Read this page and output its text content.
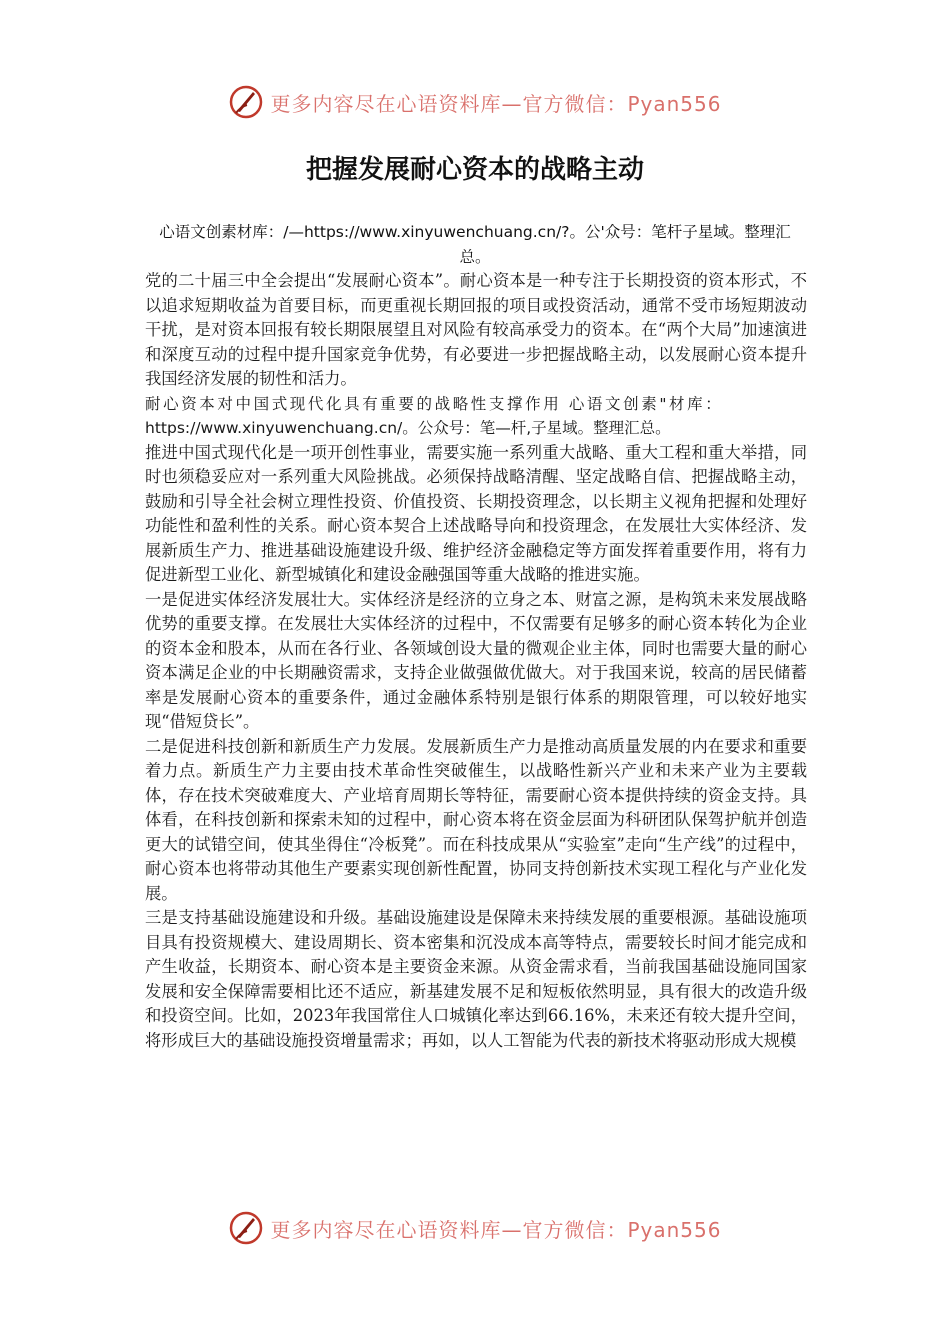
更多内容尽在心语资料库—官方微信：Pyan556
把握发展耐心资本的战略主动
心语文创素材库：/—https://www.xinyuwenchuang.cn/?。公'众号：笔杆子星域。整理汇总。

党的二十届三中全会提出“发展耐心资本”。耐心资本是一种专注于长期投资的资本形式，不以追求短期收益为首要目标，而更重视长期回报的项目或投资活动，通常不受市场短期波动干扰，是对资本回报有较长期限展望且对风险有较高承受力的资本。在“两个大局”加速演进和深度互动的过程中提升国家竞争优势，有必要进一步把握战略主动，以发展耐心资本提升我国经济发展的韧性和活力。

耐心资本对中国式现代化具有重要的战略性支撑作用 心语文创素"材库：
https://www.xinyuwenchuang.cn/。公众号：笔—杆,子星域。整理汇总。

推进中国式现代化是一项开创性事业，需要实施一系列重大战略、重大工程和重大举措，同时也须稳妥应对一系列重大风险挑战。必须保持战略清醒、坚定战略自信、把握战略主动，鼓励和引导全社会树立理性投资、价值投资、长期投资理念，以长期主义视角把握和处理好功能性和盈利性的关系。耐心资本契合上述战略导向和投资理念，在发展壮大实体经济、发展新质生产力、推进基础设施建设升级、维护经济金融稳定等方面发挥着重要作用，将有力促进新型工业化、新型城镇化和建设金融强国等重大战略的推进实施。

一是促进实体经济发展壮大。实体经济是经济的立身之本、财富之源，是构筑未来发展战略优势的重要支撑。在发展壮大实体经济的过程中，不仅需要有足够多的耐心资本转化为企业的资本金和股本，从而在各行业、各领域创设大量的微观企业主体，同时也需要大量的耐心资本满足企业的中长期融资需求，支持企业做强做优做大。对于我国来说，较高的居民储蓄率是发展耐心资本的重要条件，通过金融体系特别是银行体系的期限管理，可以较好地实现“借短贷长”。

二是促进科技创新和新质生产力发展。发展新质生产力是推动高质量发展的内在要求和重要着力点。新质生产力主要由技术革命性突破催生，以战略性新兴产业和未来产业为主要载体，存在技术突破难度大、产业培育周期长等特征，需要耐心资本提供持续的资金支持。具体看，在科技创新和探索未知的过程中，耐心资本将在资金层面为科研团队保驾护航并创造更大的试错空间，使其坐得住“冷板凳”。而在科技成果从“实验室”走向“生产线”的过程中，耐心资本也将带动其他生产要素实现创新性配置，协同支持创新技术实现工程化与产业化发展。

三是支持基础设施建设和升级。基础设施建设是保障未来持续发展的重要根源。基础设施项目具有投资规模大、建设周期长、资本密集和沉没成本高等特点，需要较长时间才能完成和产生收益，长期资本、耐心资本是主要资金来源。从资金需求看，当前我国基础设施同国家发展和安全保障需要相比还不适应，新基建发展不足和短板依然明显，具有很大的改造升级和投资空间。比如，2023年我国常住人口城镇化率达到66.16%，未来还有较大提升空间，将形成巨大的基础设施投资增量需求；再如，以人工智能为代表的新技术将驱动形成大规模

更多内容尽在心语资料库—官方微信：Pyan556
